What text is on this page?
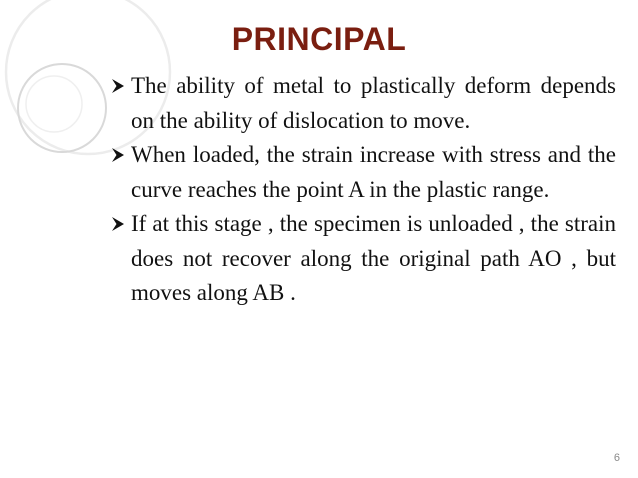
PRINCIPAL
The ability of metal to plastically deform depends on the ability of dislocation to move.
When loaded, the strain increase with stress and the curve reaches the point A in the plastic range.
If at this stage , the specimen is unloaded , the strain does not recover along the original path AO , but moves along AB .
6
